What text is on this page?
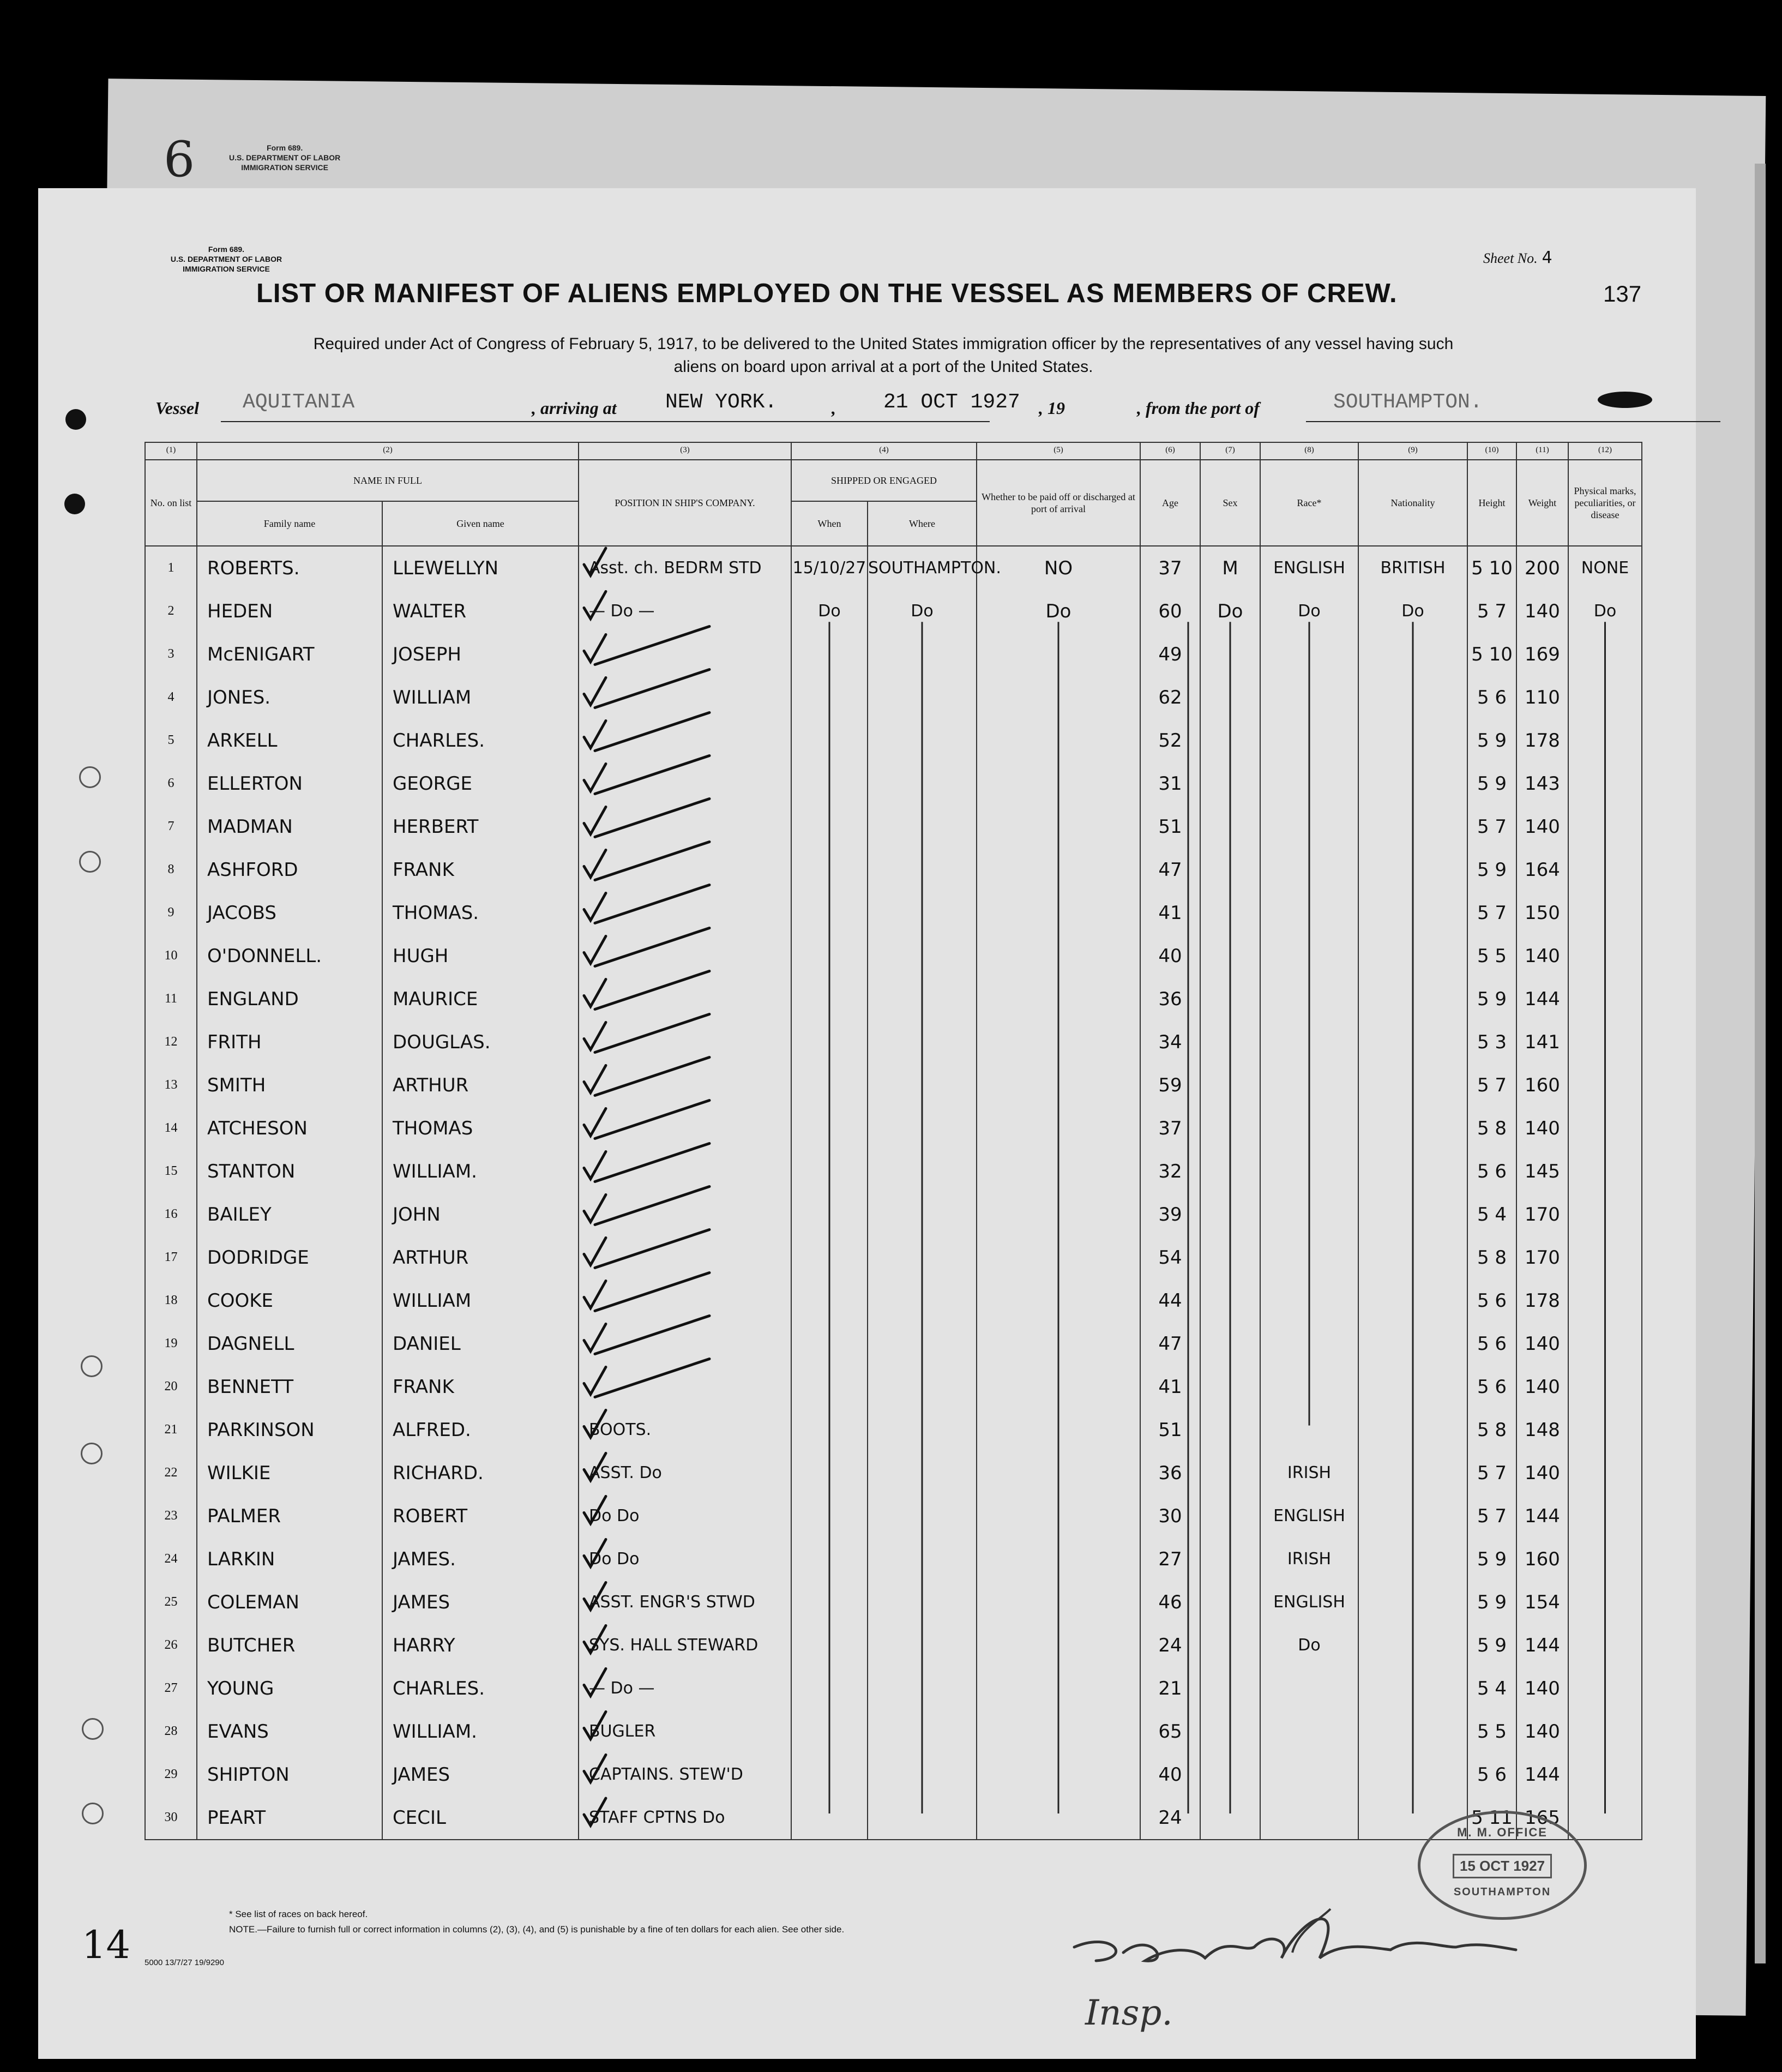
6	Form 689.
U.S. DEPARTMENT OF LABOR
IMMIGRATION SERVICE
Form 689.
U.S. DEPARTMENT OF LABOR
IMMIGRATION SERVICE
Sheet No. 4
LIST OR MANIFEST OF ALIENS EMPLOYED ON THE VESSEL AS MEMBERS OF CREW.	137
Required under Act of Congress of February 5, 1917, to be delivered to the United States immigration officer by the representatives of any vessel having such
aliens on board upon arrival at a port of the United States.
Vessel AQUITANIA	, arriving at NEW YORK.	, 21 OCT 1927 , 19	, from the port of	SOUTHAMPTON.
(1)	(2)		(3)	(4)		(5)	(6)	(7)	(8)	(9)	(10)	(11)	(12)
No. on list	NAME IN FULL		POSITION IN SHIP'S COMPANY.	SHIPPED OR ENGAGED		Whether to be paid off or discharged at port of arrival	Age	Sex	Race*	Nationality	Height	Weight	Physical marks, peculiarities, or disease
	Family name	Given name		When	Where								
1	ROBERTS.	LLEWELLYN	Asst. ch. BEDRM STD	15/10/27	SOUTHAMPTON.	NO	37	M	ENGLISH	BRITISH	5 10	200	NONE
2	HEDEN	WALTER	— Do —	Do	Do	Do	60	Do	Do	Do	5 7	140	Do
3	McENIGART	JOSEPH					49				5 10	169	
4	JONES.	WILLIAM					62				5 6	110	
5	ARKELL	CHARLES.					52				5 9	178	
6	ELLERTON	GEORGE					31				5 9	143	
7	MADMAN	HERBERT					51				5 7	140	
8	ASHFORD	FRANK					47				5 9	164	
9	JACOBS	THOMAS.					41				5 7	150	
10	O'DONNELL.	HUGH					40				5 5	140	
11	ENGLAND	MAURICE					36				5 9	144	
12	FRITH	DOUGLAS.					34				5 3	141	
13	SMITH	ARTHUR					59				5 7	160	
14	ATCHESON	THOMAS					37				5 8	140	
15	STANTON	WILLIAM.					32				5 6	145	
16	BAILEY	JOHN					39				5 4	170	
17	DODRIDGE	ARTHUR					54				5 8	170	
18	COOKE	WILLIAM					44				5 6	178	
19	DAGNELL	DANIEL					47				5 6	140	
20	BENNETT	FRANK					41				5 6	140	
21	PARKINSON	ALFRED.	BOOTS.				51				5 8	148	
22	WILKIE	RICHARD.	ASST. Do				36		IRISH		5 7	140	
23	PALMER	ROBERT	Do Do				30		ENGLISH		5 7	144	
24	LARKIN	JAMES.	Do Do				27		IRISH		5 9	160	
25	COLEMAN	JAMES	ASST. ENGR'S STWD				46		ENGLISH		5 9	154	
26	BUTCHER	HARRY	SYS. HALL STEWARD				24		Do		5 9	144	
27	YOUNG	CHARLES.	— Do —				21				5 4	140	
28	EVANS	WILLIAM.	BUGLER				65				5 5	140	
29	SHIPTON	JAMES	CAPTAINS. STEW'D				40				5 6	144	
30	PEART	CECIL	STAFF CPTNS Do				24				5 11	165	
* See list of races on back hereof.
NOTE.—Failure to furnish full or correct information in columns (2), (3), (4), and (5) is punishable by a fine of ten dollars for each alien. See other side.
5000 13/7/27 19/9290
14
M. M. OFFICE
15 OCT 1927
SOUTHAMPTON
Insp.
